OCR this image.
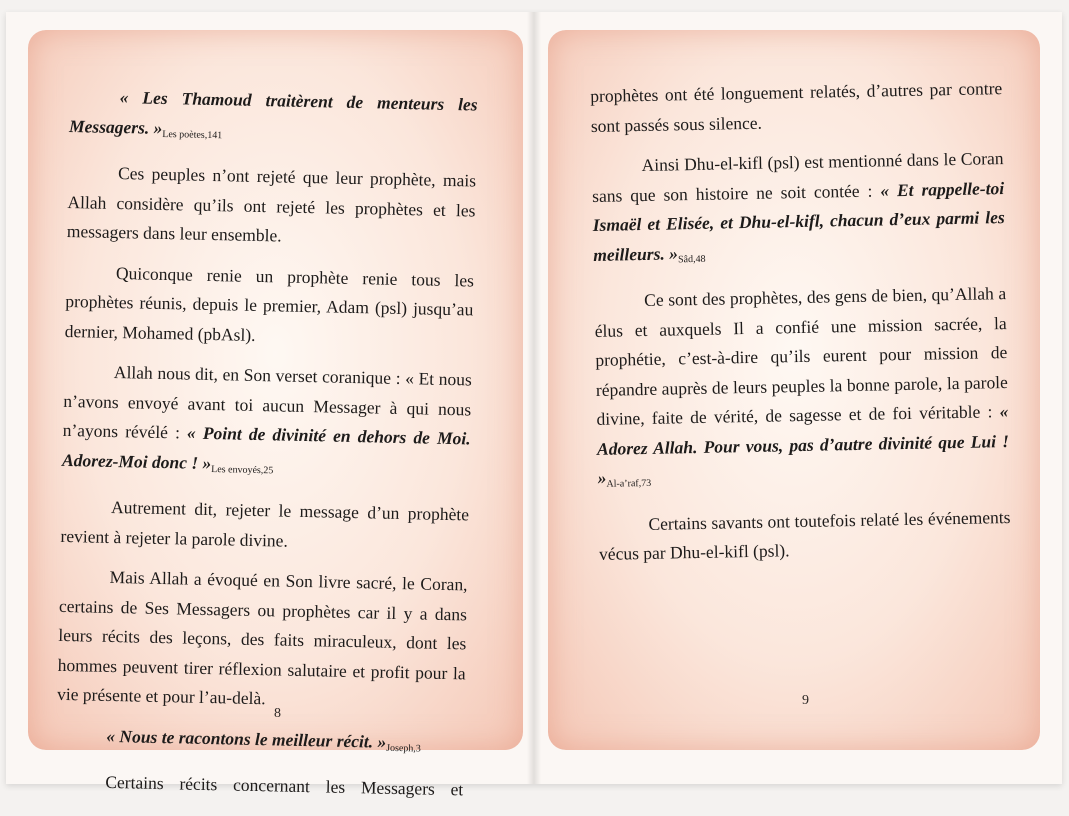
« Les Thamoud traitèrent de menteurs les Messagers. »Les poètes,141

Ces peuples n’ont rejeté que leur prophète, mais Allah considère qu’ils ont rejeté les prophètes et les messagers dans leur ensemble.

Quiconque renie un prophète renie tous les prophètes réunis, depuis le premier, Adam (psl) jusqu’au dernier, Mohamed (pbAsl).

Allah nous dit, en Son verset coranique : « Et nous n’avons envoyé avant toi aucun Messager à qui nous n’ayons révélé : « Point de divinité en dehors de Moi. Adorez-Moi donc ! »Les envoyés,25

Autrement dit, rejeter le message d’un prophète revient à rejeter la parole divine.

Mais Allah a évoqué en Son livre sacré, le Coran, certains de Ses Messagers ou prophètes car il y a dans leurs récits des leçons, des faits miraculeux, dont les hommes peuvent tirer réflexion salutaire et profit pour la vie présente et pour l’au-delà.

« Nous te racontons le meilleur récit. »Joseph,3

Certains récits concernant les Messagers et

8

prophètes ont été longuement relatés, d’autres par contre sont passés sous silence.

Ainsi Dhu-el-kifl (psl) est mentionné dans le Coran sans que son histoire ne soit contée : « Et rappelle-toi Ismaël et Elisée, et Dhu-el-kifl, chacun d’eux parmi les meilleurs. »Sâd,48

Ce sont des prophètes, des gens de bien, qu’Allah a élus et auxquels Il a confié une mission sacrée, la prophétie, c’est-à-dire qu’ils eurent pour mission de répandre auprès de leurs peuples la bonne parole, la parole divine, faite de vérité, de sagesse et de foi véritable : « Adorez Allah. Pour vous, pas d’autre divinité que Lui ! »Al-a’raf,73

Certains savants ont toutefois relaté les événements vécus par Dhu-el-kifl (psl).

9
